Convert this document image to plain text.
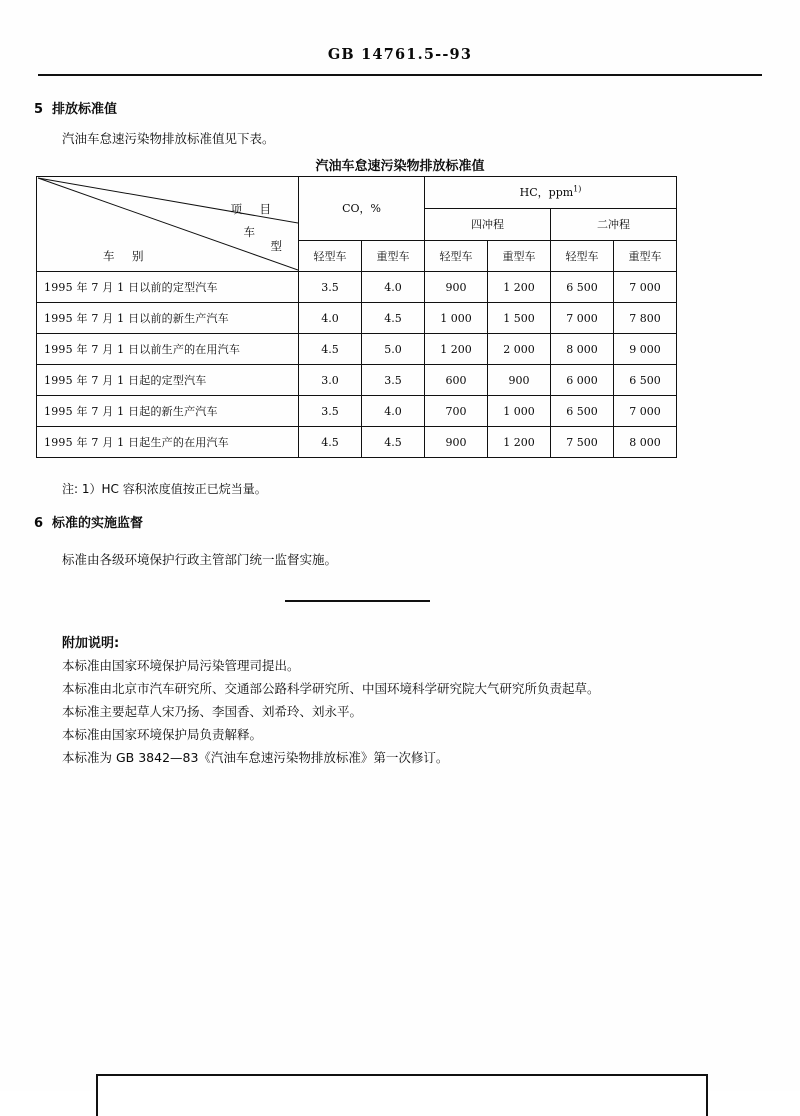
GB 14761.5--93
5 排放标准值
汽油车怠速污染物排放标准值见下表。
汽油车怠速污染物排放标准值
项　目
车
型
车　别	CO，%		HC，ppm$^{1)}$
			四冲程		二冲程	
	轻型车	重型车	轻型车	重型车	轻型车	重型车
1995 年 7 月 1 日以前的定型汽车	3.5	4.0	900	1 200	6 500	7 000
1995 年 7 月 1 日以前的新生产汽车	4.0	4.5	1 000	1 500	7 000	7 800
1995 年 7 月 1 日以前生产的在用汽车	4.5	5.0	1 200	2 000	8 000	9 000
1995 年 7 月 1 日起的定型汽车	3.0	3.5	600	900	6 000	6 500
1995 年 7 月 1 日起的新生产汽车	3.5	4.0	700	1 000	6 500	7 000
1995 年 7 月 1 日起生产的在用汽车	4.5	4.5	900	1 200	7 500	8 000
注: 1）HC 容积浓度值按正已烷当量。
6 标准的实施监督
标准由各级环境保护行政主管部门统一监督实施。
附加说明:
本标准由国家环境保护局污染管理司提出。
本标准由北京市汽车研究所、交通部公路科学研究所、中国环境科学研究院大气研究所负责起草。
本标准主要起草人宋乃扬、李国香、刘希玲、刘永平。
本标准由国家环境保护局负责解释。
本标准为 GB 3842—83《汽油车怠速污染物排放标准》第一次修订。
